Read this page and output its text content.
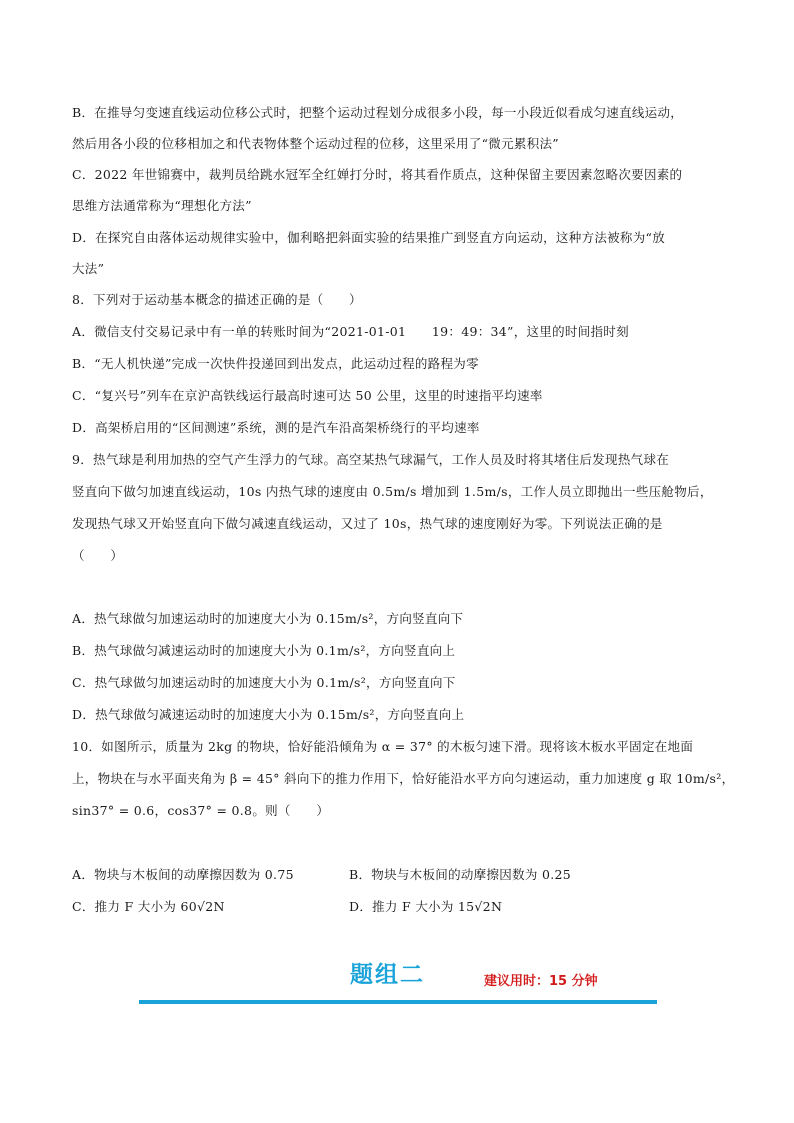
B．在推导匀变速直线运动位移公式时，把整个运动过程划分成很多小段，每一小段近似看成匀速直线运动，
然后用各小段的位移相加之和代表物体整个运动过程的位移，这里采用了“微元累积法”
C．2022 年世锦赛中，裁判员给跳水冠军全红婵打分时，将其看作质点，这种保留主要因素忽略次要因素的
思维方法通常称为“理想化方法”
D．在探究自由落体运动规律实验中，伽利略把斜面实验的结果推广到竖直方向运动，这种方法被称为“放
大法”
8．下列对于运动基本概念的描述正确的是（　　）
A．微信支付交易记录中有一单的转账时间为“2021-01-01　　19：49：34”，这里的时间指时刻
B．“无人机快递”完成一次快件投递回到出发点，此运动过程的路程为零
C．“复兴号”列车在京沪高铁线运行最高时速可达 50 公里，这里的时速指平均速率
D．高架桥启用的“区间测速”系统，测的是汽车沿高架桥绕行的平均速率
9．热气球是利用加热的空气产生浮力的气球。高空某热气球漏气，工作人员及时将其堵住后发现热气球在
竖直向下做匀加速直线运动，10s 内热气球的速度由 0.5m/s 增加到 1.5m/s，工作人员立即抛出一些压舱物后，
发现热气球又开始竖直向下做匀减速直线运动，又过了 10s，热气球的速度刚好为零。下列说法正确的是
（　　）
A．热气球做匀加速运动时的加速度大小为 0.15m/s²，方向竖直向下
B．热气球做匀减速运动时的加速度大小为 0.1m/s²，方向竖直向上
C．热气球做匀加速运动时的加速度大小为 0.1m/s²，方向竖直向下
D．热气球做匀减速运动时的加速度大小为 0.15m/s²，方向竖直向上
10．如图所示，质量为 2kg 的物块，恰好能沿倾角为 α = 37° 的木板匀速下滑。现将该木板水平固定在地面
上，物块在与水平面夹角为 β = 45° 斜向下的推力作用下，恰好能沿水平方向匀速运动，重力加速度 g 取 10m/s²，
sin37° = 0.6，cos37° = 0.8。则（　　）
A．物块与木板间的动摩擦因数为 0.75	B．物块与木板间的动摩擦因数为 0.25
C．推力 F 大小为 60√2N	D．推力 F 大小为 15√2N
题组二	建议用时：15 分钟
